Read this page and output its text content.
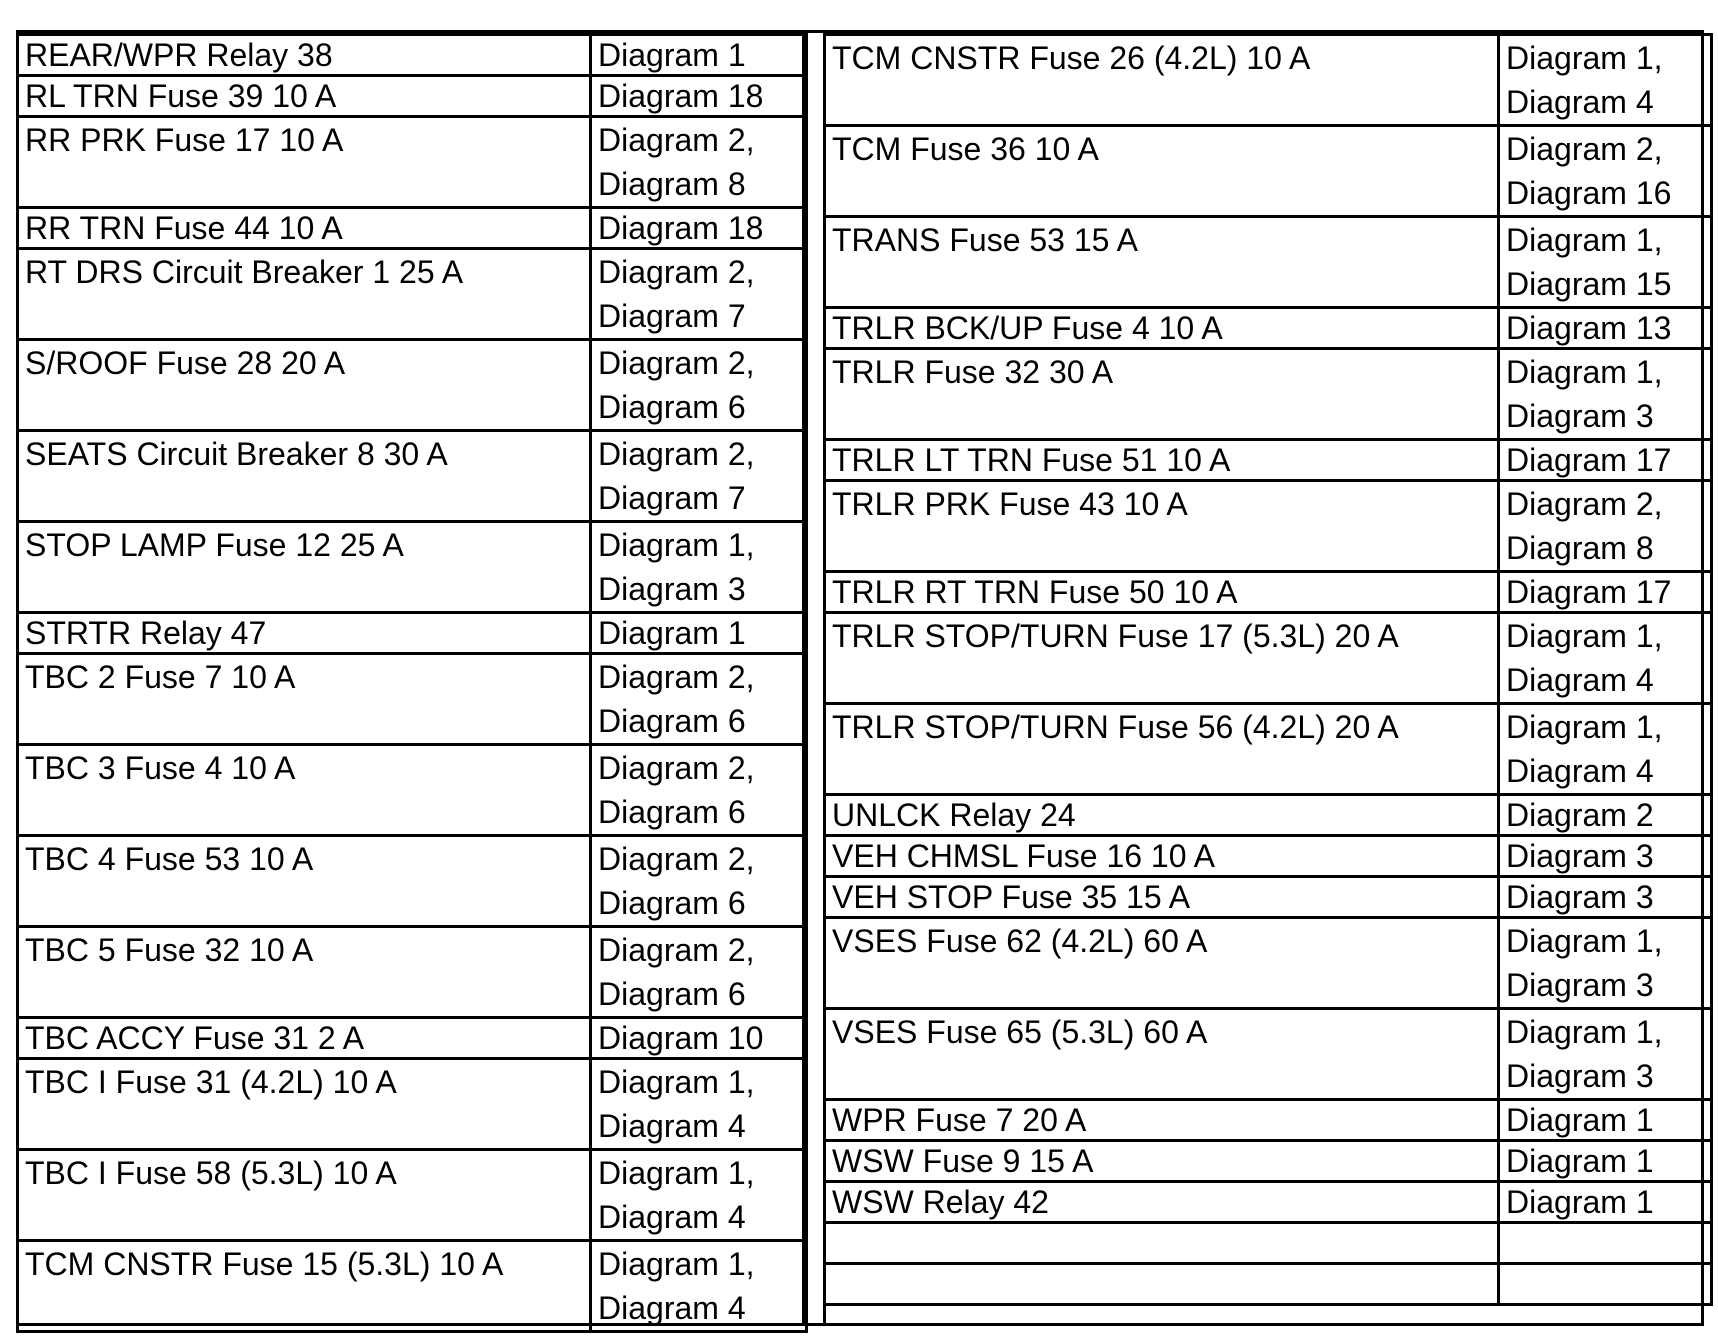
REAR/WPR Relay 38	Diagram 1

RL TRN Fuse 39 10 A	Diagram 18

RR PRK Fuse 17 10 A	Diagram 2,
Diagram 8

RR TRN Fuse 44 10 A	Diagram 18

RT DRS Circuit Breaker 1 25 A	Diagram 2,
Diagram 7

S/ROOF Fuse 28 20 A	Diagram 2,
Diagram 6

SEATS Circuit Breaker 8 30 A	Diagram 2,
Diagram 7

STOP LAMP Fuse 12 25 A	Diagram 1,
Diagram 3

STRTR Relay 47	Diagram 1

TBC 2 Fuse 7 10 A	Diagram 2,
Diagram 6

TBC 3 Fuse 4 10 A	Diagram 2,
Diagram 6

TBC 4 Fuse 53 10 A	Diagram 2,
Diagram 6

TBC 5 Fuse 32 10 A	Diagram 2,
Diagram 6

TBC ACCY Fuse 31 2 A	Diagram 10

TBC I Fuse 31 (4.2L) 10 A	Diagram 1,
Diagram 4

TBC I Fuse 58 (5.3L) 10 A	Diagram 1,
Diagram 4

TCM CNSTR Fuse 15 (5.3L) 10 A	Diagram 1,
Diagram 4
TCM CNSTR Fuse 26 (4.2L) 10 A	Diagram 1,
Diagram 4

TCM Fuse 36 10 A	Diagram 2,
Diagram 16

TRANS Fuse 53 15 A	Diagram 1,
Diagram 15

TRLR BCK/UP Fuse 4 10 A	Diagram 13

TRLR Fuse 32 30 A	Diagram 1,
Diagram 3

TRLR LT TRN Fuse 51 10 A	Diagram 17

TRLR PRK Fuse 43 10 A	Diagram 2,
Diagram 8

TRLR RT TRN Fuse 50 10 A	Diagram 17

TRLR STOP/TURN Fuse 17 (5.3L) 20 A	Diagram 1,
Diagram 4

TRLR STOP/TURN Fuse 56 (4.2L) 20 A	Diagram 1,
Diagram 4

UNLCK Relay 24	Diagram 2

VEH CHMSL Fuse 16 10 A	Diagram 3

VEH STOP Fuse 35 15 A	Diagram 3

VSES Fuse 62 (4.2L) 60 A	Diagram 1,
Diagram 3

VSES Fuse 65 (5.3L) 60 A	Diagram 1,
Diagram 3

WPR Fuse 7 20 A	Diagram 1

WSW Fuse 9 15 A	Diagram 1

WSW Relay 42	Diagram 1
